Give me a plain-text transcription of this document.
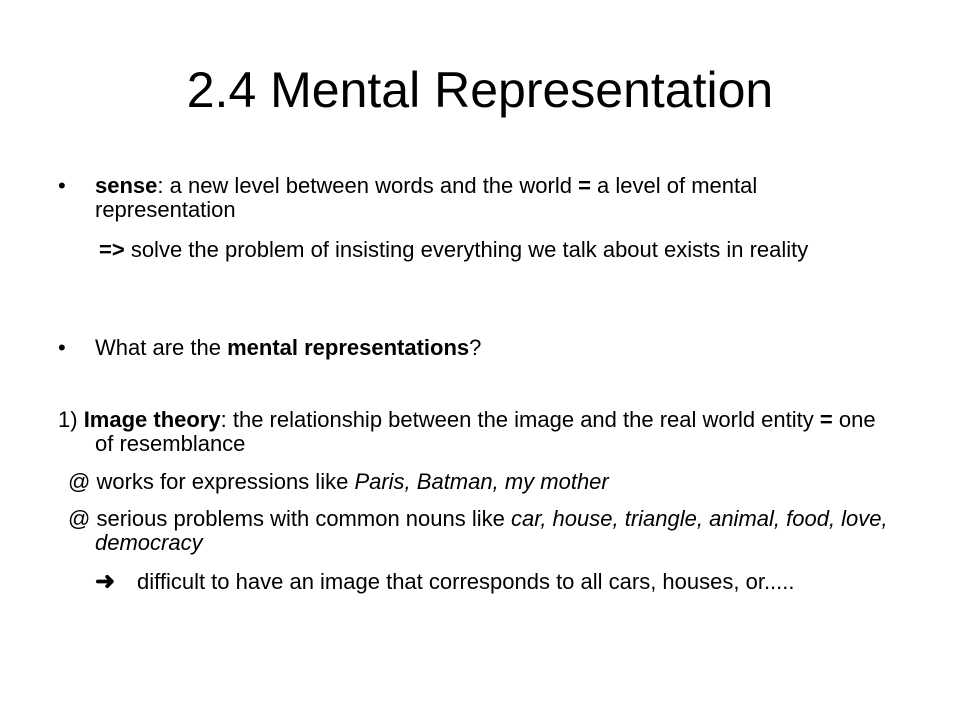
2.4 Mental Representation
• sense: a new level between words and the world = a level of mental representation

=> solve the problem of insisting everything we talk about exists in reality

• What are the mental representations?

1) Image theory: the relationship between the image and the real world entity = one of resemblance

@ works for expressions like Paris, Batman, my mother

@ serious problems with common nouns like car, house, triangle, animal, food, love, democracy

➜ difficult to have an image that corresponds to all cars, houses, or.....
